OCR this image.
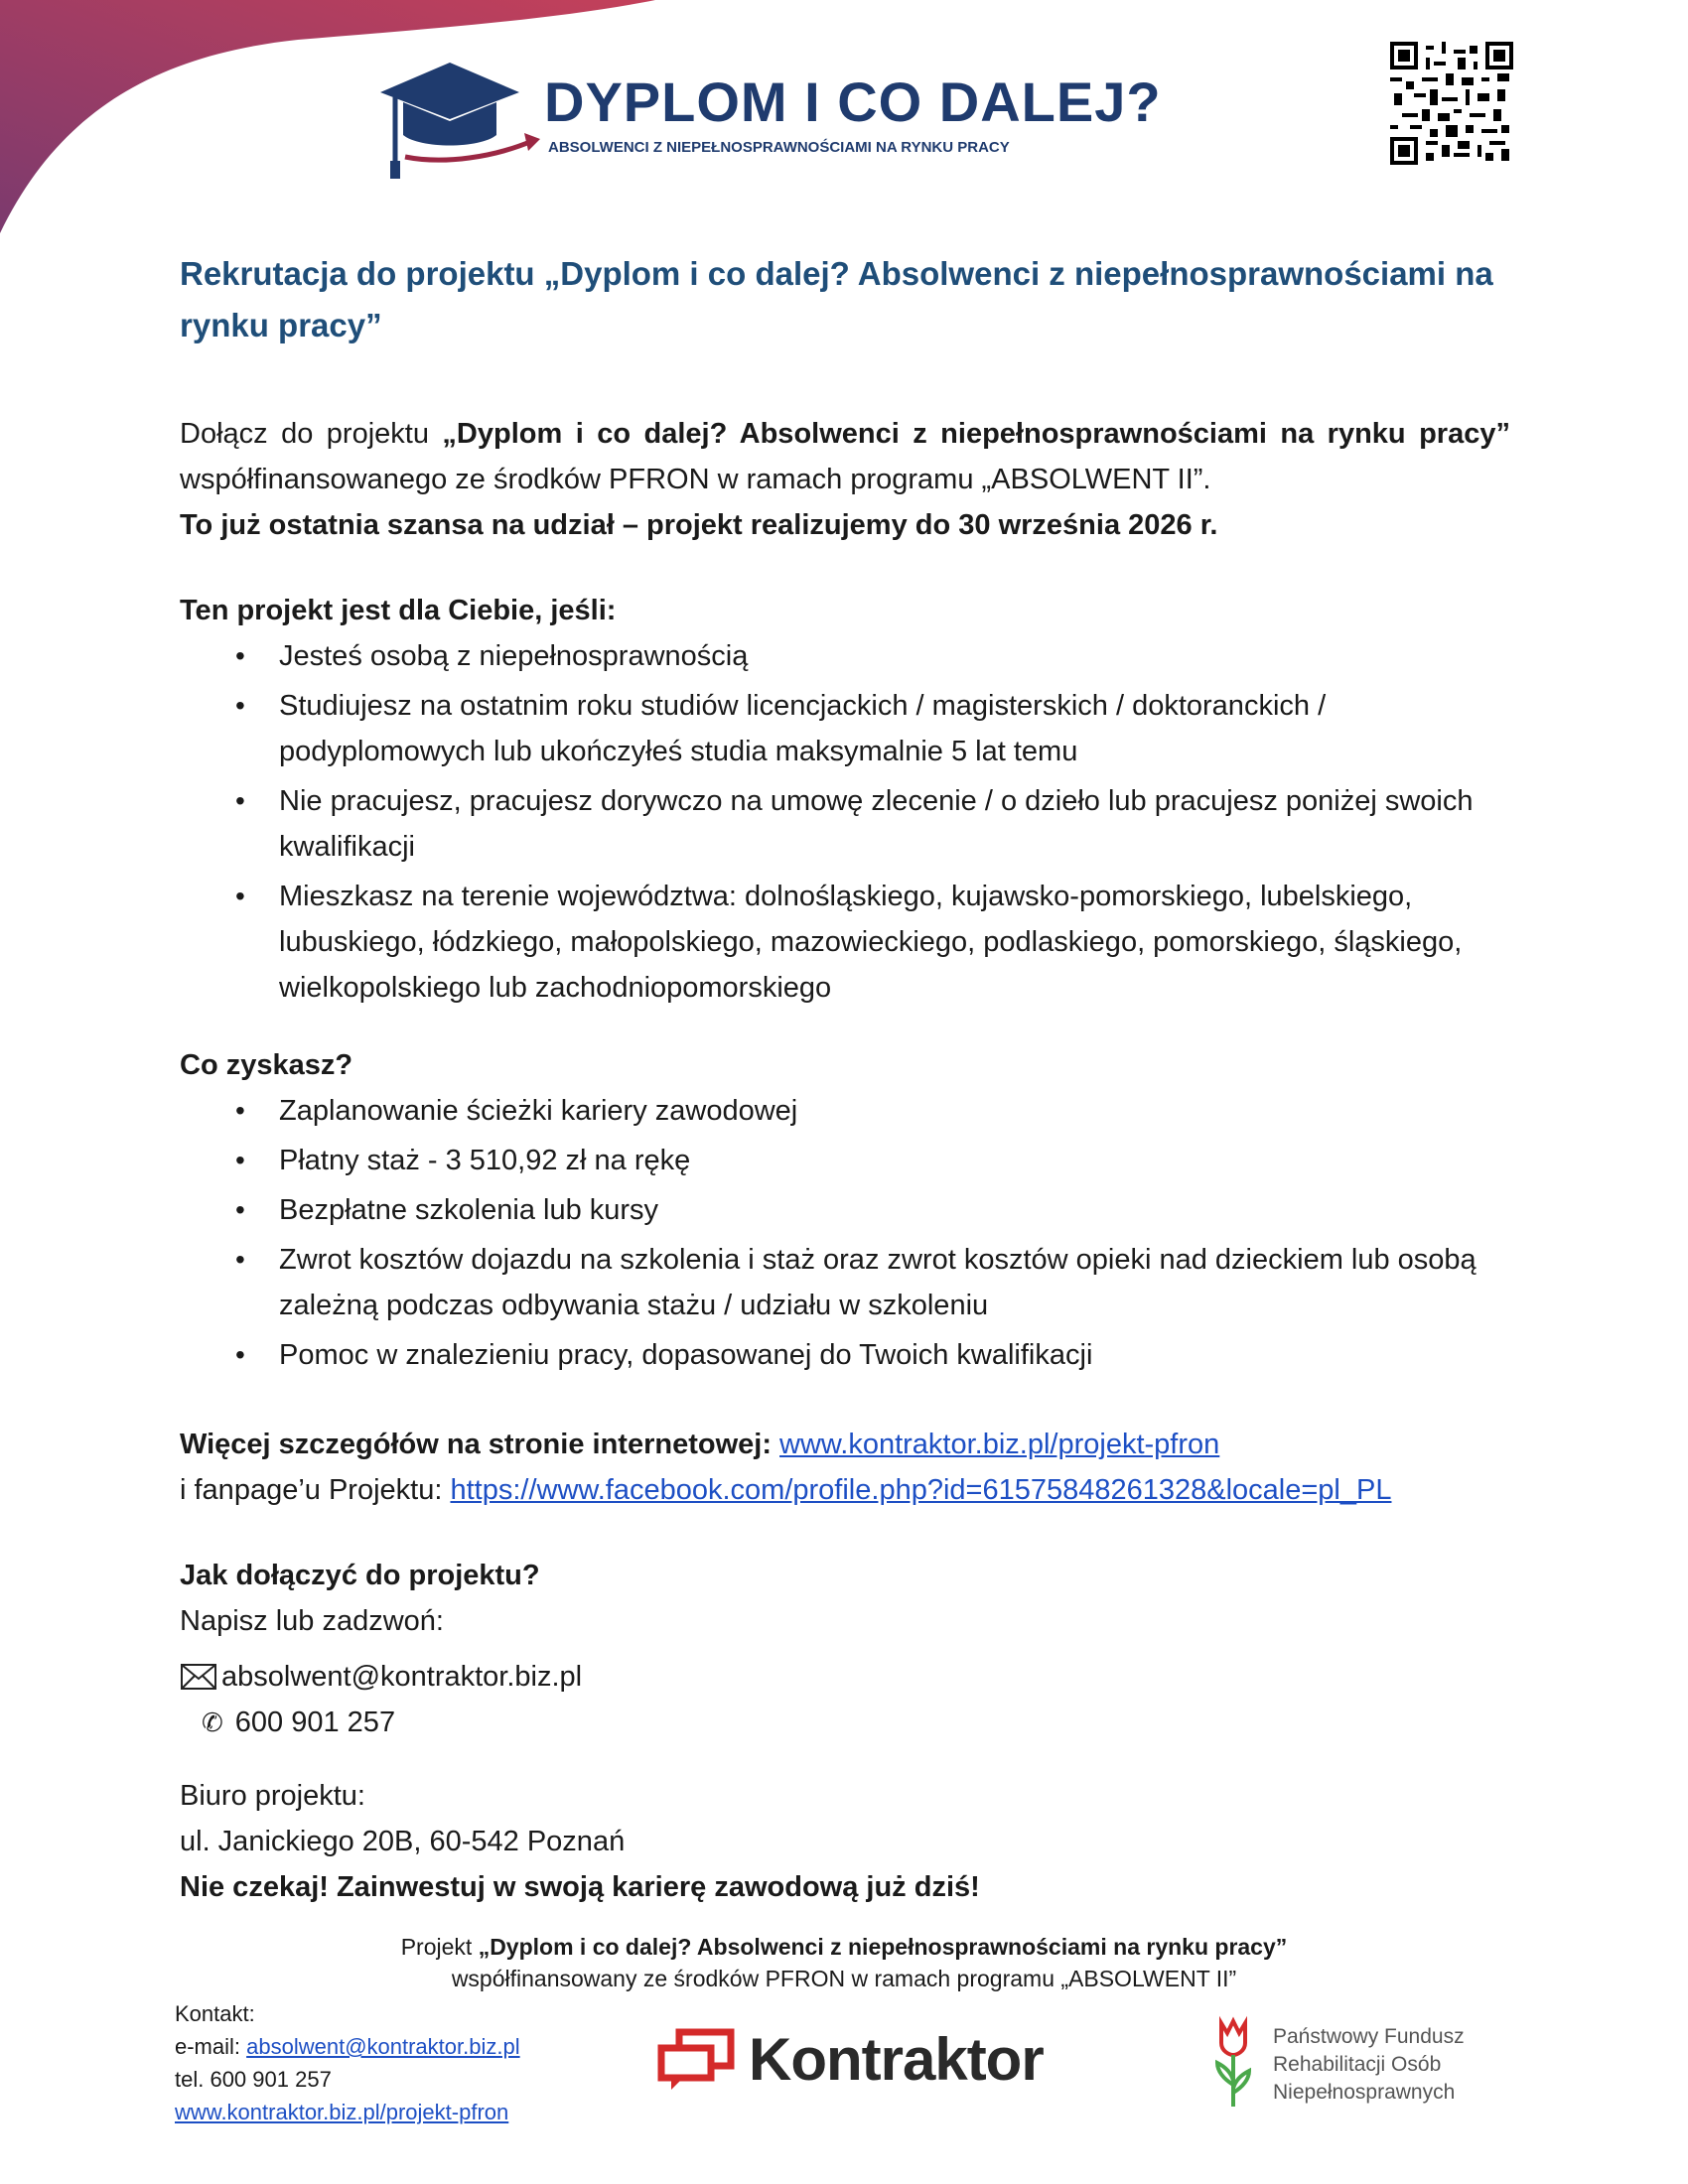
DYPLOM I CO DALEJ?
ABSOLWENCI Z NIEPEŁNOSPRAWNOŚCIAMI NA RYNKU PRACY
Rekrutacja do projektu „Dyplom i co dalej? Absolwenci z niepełnosprawnościami na rynku pracy”

Dołącz do projektu „Dyplom i co dalej? Absolwenci z niepełnosprawnościami na rynku pracy” współfinansowanego ze środków PFRON w ramach programu „ABSOLWENT II”.

To już ostatnia szansa na udział – projekt realizujemy do 30 września 2026 r.

Ten projekt jest dla Ciebie, jeśli:

• Jesteś osobą z niepełnosprawnością
• Studiujesz na ostatnim roku studiów licencjackich / magisterskich / doktoranckich / podyplomowych lub ukończyłeś studia maksymalnie 5 lat temu
• Nie pracujesz, pracujesz dorywczo na umowę zlecenie / o dzieło lub pracujesz poniżej swoich kwalifikacji
• Mieszkasz na terenie województwa: dolnośląskiego, kujawsko-pomorskiego, lubelskiego, lubuskiego, łódzkiego, małopolskiego, mazowieckiego, podlaskiego, pomorskiego, śląskiego, wielkopolskiego lub zachodniopomorskiego

Co zyskasz?

• Zaplanowanie ścieżki kariery zawodowej
• Płatny staż - 3 510,92 zł na rękę
• Bezpłatne szkolenia lub kursy
• Zwrot kosztów dojazdu na szkolenia i staż oraz zwrot kosztów opieki nad dzieckiem lub osobą zależną podczas odbywania stażu / udziału w szkoleniu
• Pomoc w znalezieniu pracy, dopasowanej do Twoich kwalifikacji

Więcej szczegółów na stronie internetowej: www.kontraktor.biz.pl/projekt-pfron

i fanpage’u Projektu: https://www.facebook.com/profile.php?id=61575848261328&locale=pl_PL

Jak dołączyć do projektu?

Napisz lub zadzwoń:

absolwent@kontraktor.biz.pl
✆ 600 901 257

Biuro projektu:

ul. Janickiego 20B, 60-542 Poznań

Nie czekaj! Zainwestuj w swoją karierę zawodową już dziś!

Projekt „Dyplom i co dalej? Absolwenci z niepełnosprawnościami na rynku pracy”
współfinansowany ze środków PFRON w ramach programu „ABSOLWENT II”
Kontakt:
e-mail: absolwent@kontraktor.biz.pl
tel. 600 901 257
www.kontraktor.biz.pl/projekt-pfron
Kontraktor	Państwowy Fundusz
Rehabilitacji Osób
Niepełnosprawnych
